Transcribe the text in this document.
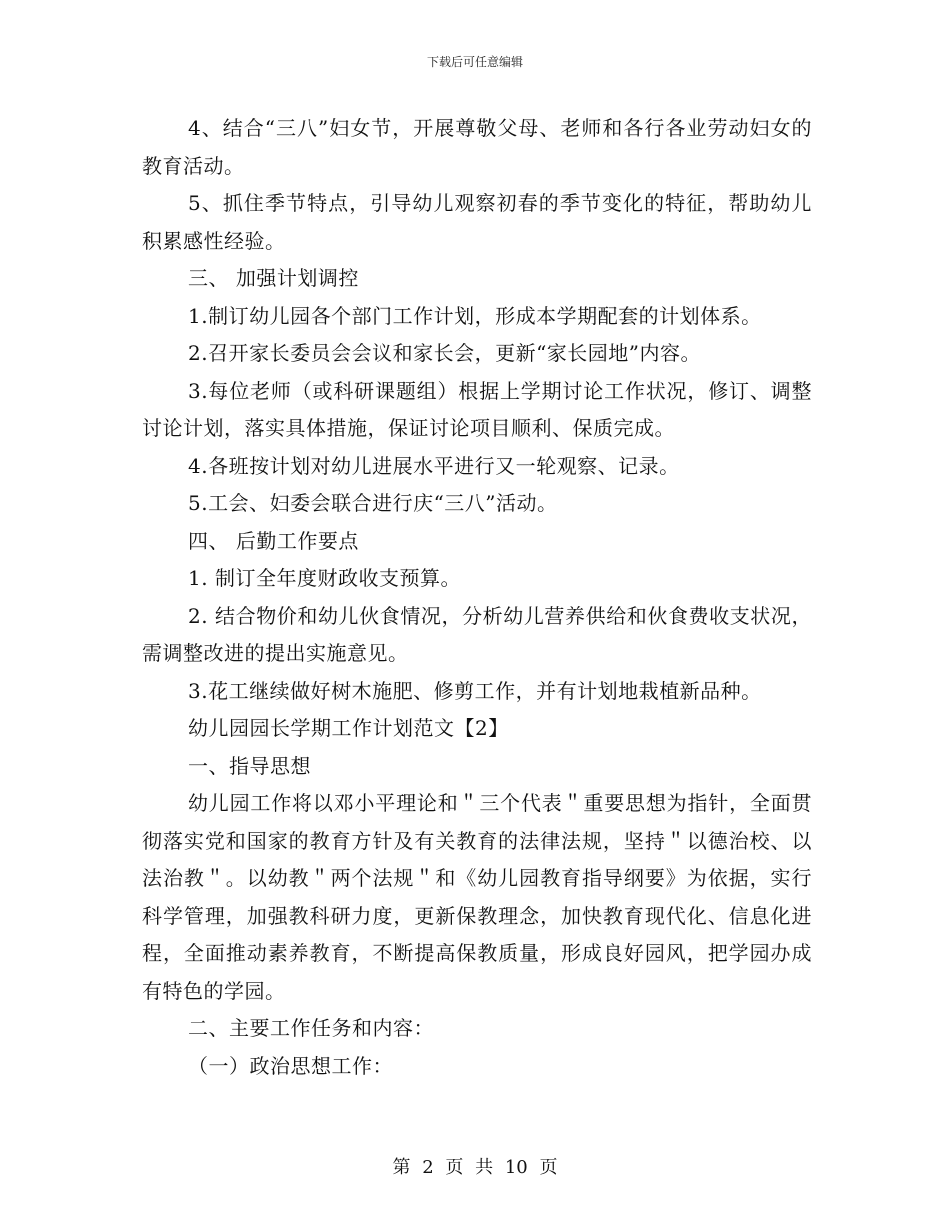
下载后可任意编辑

4、结合“三八”妇女节，开展尊敬父母、老师和各行各业劳动妇女的教育活动。

5、抓住季节特点，引导幼儿观察初春的季节变化的特征，帮助幼儿积累感性经验。

三、 加强计划调控

1.制订幼儿园各个部门工作计划，形成本学期配套的计划体系。

2.召开家长委员会会议和家长会，更新“家长园地”内容。

3.每位老师（或科研课题组）根据上学期讨论工作状况，修订、调整讨论计划，落实具体措施，保证讨论项目顺利、保质完成。

4.各班按计划对幼儿进展水平进行又一轮观察、记录。

5.工会、妇委会联合进行庆“三八”活动。

四、 后勤工作要点

1. 制订全年度财政收支预算。

2. 结合物价和幼儿伙食情况，分析幼儿营养供给和伙食费收支状况，需调整改进的提出实施意见。

3.花工继续做好树木施肥、修剪工作，并有计划地栽植新品种。

幼儿园园长学期工作计划范文【2】

一、指导思想

幼儿园工作将以邓小平理论和＂三个代表＂重要思想为指针，全面贯彻落实党和国家的教育方针及有关教育的法律法规，坚持＂以德治校、以法治教＂。以幼教＂两个法规＂和《幼儿园教育指导纲要》为依据，实行科学管理，加强教科研力度，更新保教理念，加快教育现代化、信息化进程，全面推动素养教育，不断提高保教质量，形成良好园风，把学园办成有特色的学园。

二、主要工作任务和内容：

（一）政治思想工作：

第 2 页 共 10 页
